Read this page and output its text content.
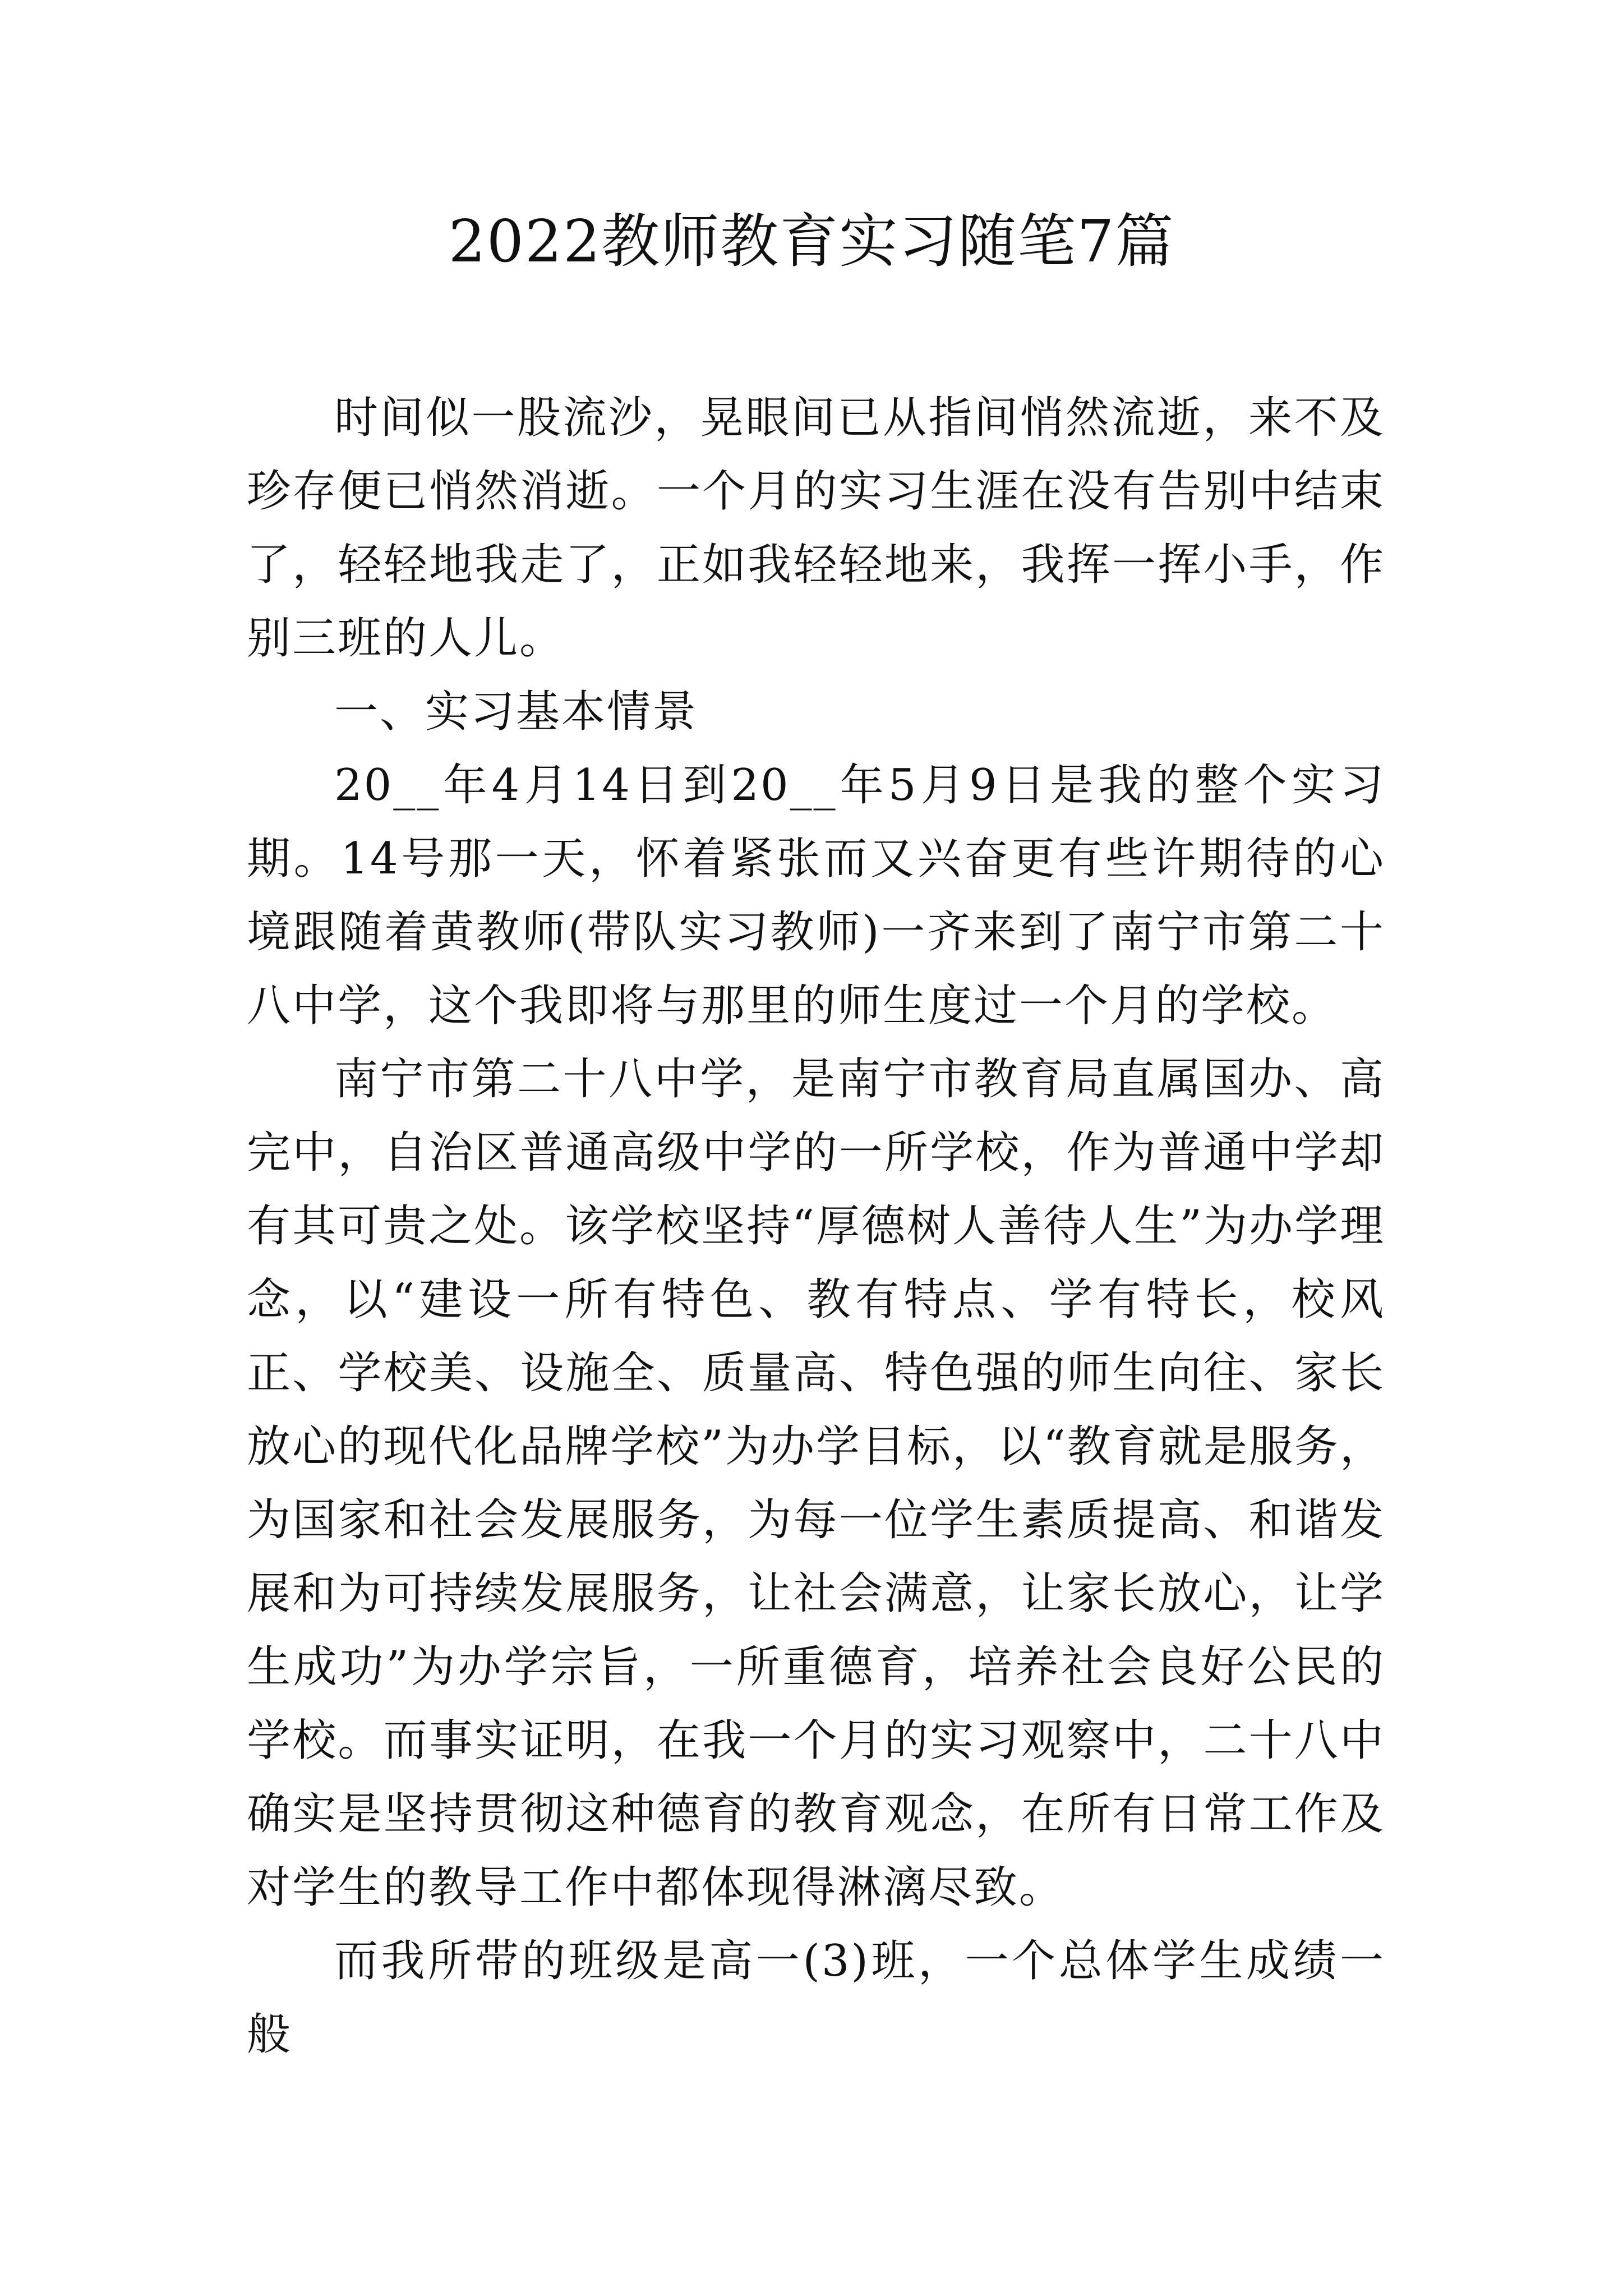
2022教师教育实习随笔7篇

时间似一股流沙，晃眼间已从指间悄然流逝，来不及珍存便已悄然消逝。一个月的实习生涯在没有告别中结束了，轻轻地我走了，正如我轻轻地来，我挥一挥小手，作别三班的人儿。

一、实习基本情景

20__年4月14日到20__年5月9日是我的整个实习期。14号那一天，怀着紧张而又兴奋更有些许期待的心境跟随着黄教师(带队实习教师)一齐来到了南宁市第二十八中学，这个我即将与那里的师生度过一个月的学校。

南宁市第二十八中学，是南宁市教育局直属国办、高完中，自治区普通高级中学的一所学校，作为普通中学却有其可贵之处。该学校坚持“厚德树人善待人生”为办学理念，以“建设一所有特色、教有特点、学有特长，校风正、学校美、设施全、质量高、特色强的师生向往、家长放心的现代化品牌学校”为办学目标，以“教育就是服务，为国家和社会发展服务，为每一位学生素质提高、和谐发展和为可持续发展服务，让社会满意，让家长放心，让学生成功”为办学宗旨，一所重德育，培养社会良好公民的学校。而事实证明，在我一个月的实习观察中，二十八中确实是坚持贯彻这种德育的教育观念，在所有日常工作及对学生的教导工作中都体现得淋漓尽致。

而我所带的班级是高一(3)班，一个总体学生成绩一般
